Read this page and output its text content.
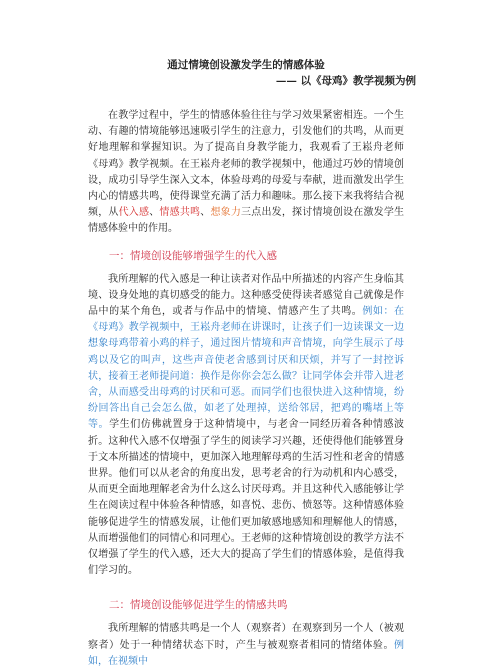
通过情境创设激发学生的情感体验
—— 以《母鸡》教学视频为例

在教学过程中，学生的情感体验往往与学习效果紧密相连。一个生动、有趣的情境能够迅速吸引学生的注意力，引发他们的共鸣，从而更好地理解和掌握知识。为了提高自身教学能力，我观看了王崧舟老师《母鸡》教学视频。在王崧舟老师的教学视频中，他通过巧妙的情境创设，成功引导学生深入文本，体验母鸡的母爱与奉献，进而激发出学生内心的情感共鸣，使得课堂充满了活力和趣味。那么接下来我将结合视频，从代入感、情感共鸣、想象力三点出发，探讨情境创设在激发学生情感体验中的作用。

一：情境创设能够增强学生的代入感

我所理解的代入感是一种让读者对作品中所描述的内容产生身临其境、设身处地的真切感受的能力。这种感受使得读者感觉自己就像是作品中的某个角色，或者与作品中的情境、情感产生了共鸣。例如：在《母鸡》教学视频中，王崧舟老师在讲课时，让孩子们一边读课文一边想象母鸡带着小鸡的样子，通过图片情境和声音情境，向学生展示了母鸡以及它的叫声，这些声音使老舍感到讨厌和厌烦，并写了一封控诉状，接着王老师提问道：换作是你你会怎么做？让同学体会并带入进老舍，从而感受出母鸡的讨厌和可恶。而同学们也很快进入这种情境，纷纷回答出自己会怎么做，如老了处理掉，送给邻居，把鸡的嘴堵上等等。学生们仿佛就置身于这种情境中，与老舍一同经历着各种情感波折。这种代入感不仅增强了学生的阅读学习兴趣，还使得他们能够置身于文本所描述的情境中，更加深入地理解母鸡的生活习性和老舍的情感世界。他们可以从老舍的角度出发，思考老舍的行为动机和内心感受，从而更全面地理解老舍为什么这么讨厌母鸡。并且这种代入感能够让学生在阅读过程中体验各种情感，如喜悦、悲伤、愤怒等。这种情感体验能够促进学生的情感发展，让他们更加敏感地感知和理解他人的情感，从而增强他们的同情心和同理心。王老师的这种情境创设的教学方法不仅增强了学生的代入感，还大大的提高了学生们的情感体验，是值得我们学习的。

二：情境创设能够促进学生的情感共鸣

我所理解的情感共鸣是一个人（观察者）在观察到另一个人（被观察者）处于一种情绪状态下时，产生与被观察者相同的情绪体验。例如，在视频中
